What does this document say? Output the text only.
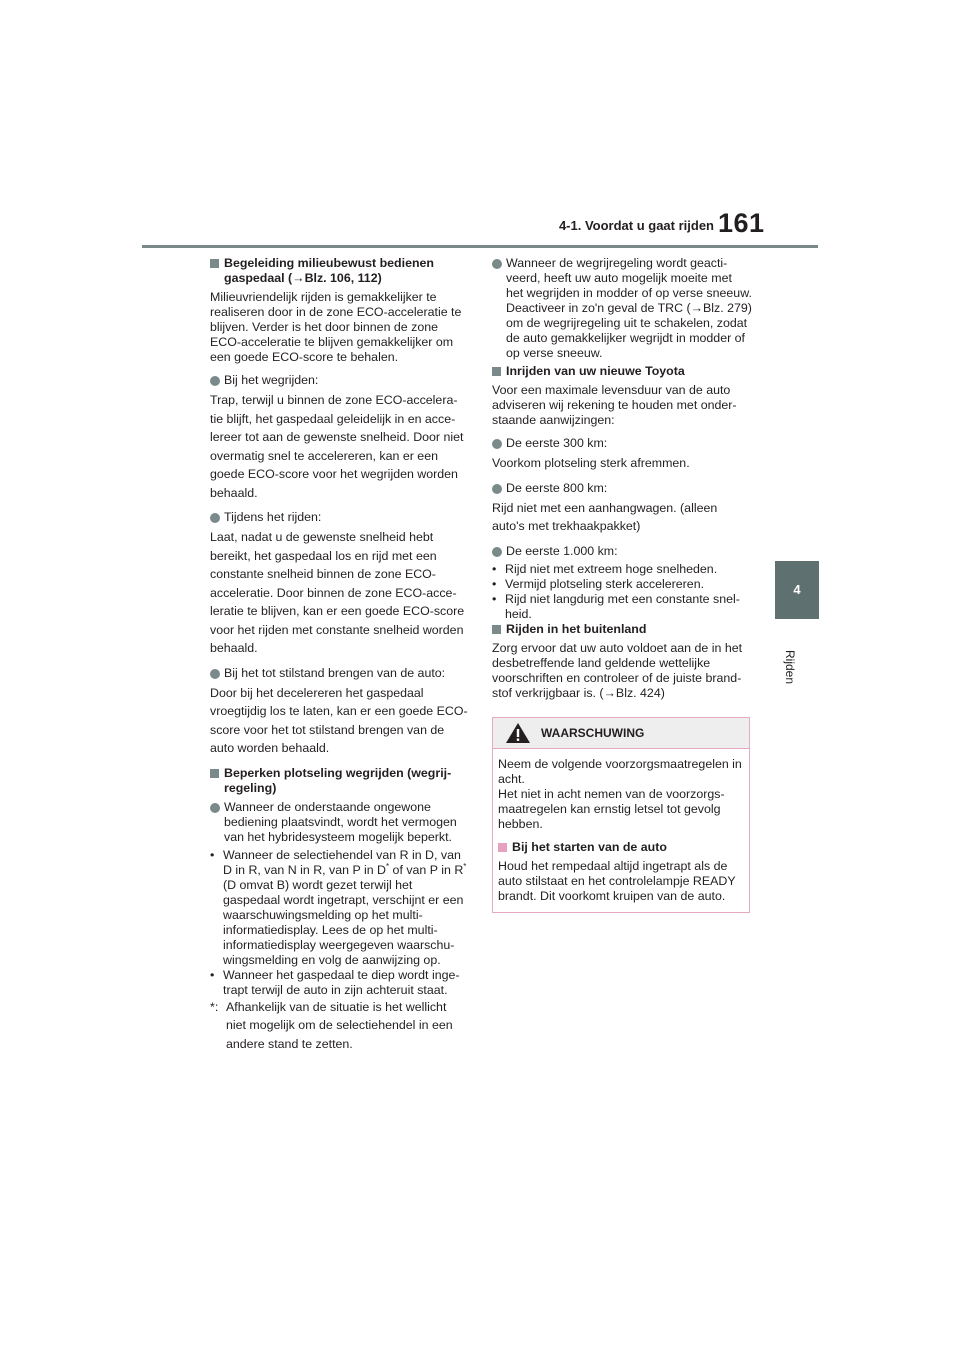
161
4-1. Voordat u gaat rijden
4
Rijden
Begeleiding milieubewust bedienen gaspedaal (→Blz. 106, 112)

Milieuvriendelijk rijden is gemakkelijker te realiseren door in de zone ECO-acceleratie te blijven. Verder is het door binnen de zone ECO-acceleratie te blijven gemakkelijker om een goede ECO-score te behalen.

Bij het wegrijden:

Trap, terwijl u binnen de zone ECO-accelera-tie blijft, het gaspedaal geleidelijk in en acce-lereer tot aan de gewenste snelheid. Door niet overmatig snel te accelereren, kan er een goede ECO-score voor het wegrijden worden behaald.

Tijdens het rijden:

Laat, nadat u de gewenste snelheid hebt bereikt, het gaspedaal los en rijd met een constante snelheid binnen de zone ECO-acceleratie. Door binnen de zone ECO-acce-leratie te blijven, kan er een goede ECO-score voor het rijden met constante snelheid worden behaald.

Bij het tot stilstand brengen van de auto:

Door bij het decelereren het gaspedaal vroegtijdig los te laten, kan er een goede ECO-score voor het tot stilstand brengen van de auto worden behaald.

Beperken plotseling wegrijden (wegrij-regeling)
Wanneer de onderstaande ongewone bediening plaatsvindt, wordt het vermogen van het hybridesysteem mogelijk beperkt.
• Wanneer de selectiehendel van R in D, van D in R, van N in R, van P in D* of van P in R* (D omvat B) wordt gezet terwijl het gaspedaal wordt ingetrapt, verschijnt er een waarschuwingsmelding op het multi-informatiedisplay. Lees de op het multi-informatiedisplay weergegeven waarschu-wingsmelding en volg de aanwijzing op.
• Wanneer het gaspedaal te diep wordt inge-trapt terwijl de auto in zijn achteruit staat.
*: Afhankelijk van de situatie is het wellicht niet mogelijk om de selectiehendel in een andere stand te zetten.
Wanneer de wegrijregeling wordt geacti-veerd, heeft uw auto mogelijk moeite met het wegrijden in modder of op verse sneeuw. Deactiveer in zo'n geval de TRC (→Blz. 279) om de wegrijregeling uit te schakelen, zodat de auto gemakkelijker wegrijdt in modder of op verse sneeuw.
Inrijden van uw nieuwe Toyota

Voor een maximale levensduur van de auto adviseren wij rekening te houden met onder-staande aanwijzingen:

De eerste 300 km:

Voorkom plotseling sterk afremmen.

De eerste 800 km:

Rijd niet met een aanhangwagen. (alleen auto's met trekhaakpakket)

De eerste 1.000 km:
• Rijd niet met extreem hoge snelheden.
• Vermijd plotseling sterk accelereren.
• Rijd niet langdurig met een constante snel-heid.
Rijden in het buitenland

Zorg ervoor dat uw auto voldoet aan de in het desbetreffende land geldende wettelijke voorschriften en controleer of de juiste brand-stof verkrijgbaar is. (→Blz. 424)

WAARSCHUWING

Neem de volgende voorzorgsmaatregelen in acht.

Het niet in acht nemen van de voorzorgs-maatregelen kan ernstig letsel tot gevolg hebben.

Bij het starten van de auto

Houd het rempedaal altijd ingetrapt als de auto stilstaat en het controlelampje READY brandt. Dit voorkomt kruipen van de auto.
